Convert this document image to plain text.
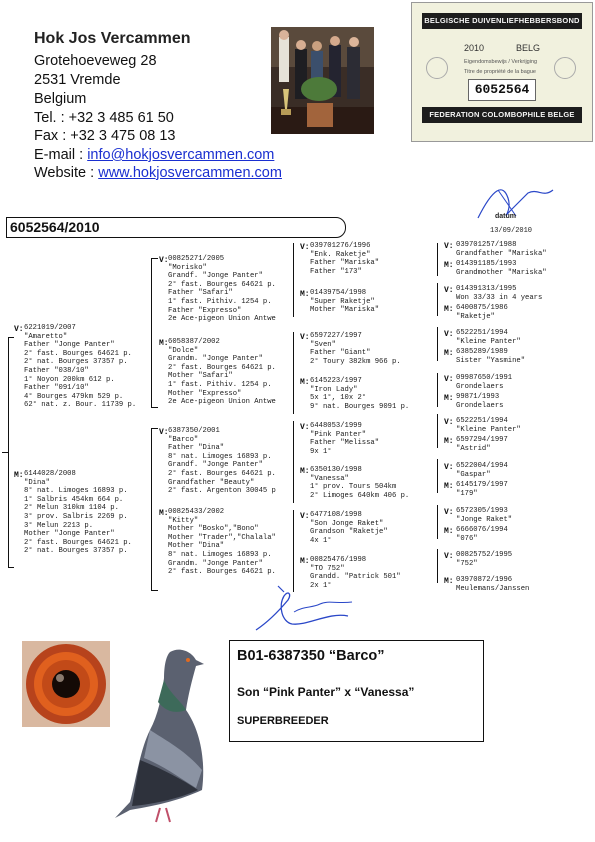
Hok Jos Vercammen
Grotehoeveweg 28
2531 Vremde
Belgium
Tel. : +32 3 485 61 50
Fax : +32 3 475 08 13
E-mail : info@hokjosvercammen.com
Website : www.hokjosvercammen.com
BELGISCHE DUIVENLIEFHEBBERSBOND
2010	BELG
Eigendomsbewijs / Verkrijging
Titre de propriété de la bague
6052564
FEDERATION COLOMBOPHILE BELGE
datum
13/09/2010
6052564/2010
V: 6221019/2007
"Amaretto"
Father "Jonge Panter"
2° fast. Bourges 64621 p.
2° nat. Bourges 37357 p.
Father "038/10"
1° Noyon 200km 612 p.
Father "091/10"
4° Bourges 479km 529 p.
62° nat. z. Bour. 11739 p.
M: 6144028/2008
"Dina"
8° nat. Limoges 16893 p.
1° Salbris 454km 664 p.
2° Melun 310km 1104 p.
3° prov. Salbris 2269 p.
3° Melun 2213 p.
Mother "Jonge Panter"
2° fast. Bourges 64621 p.
2° nat. Bourges 37357 p.
V: 00825271/2005
"Morisko"
Grandf. "Jonge Panter"
2° fast. Bourges 64621 p.
Father "Safari"
1° fast. Pithiv. 1254 p.
Father "Expresso"
2e Ace-pigeon Union Antwe
M: 6058387/2002
"Dolce"
Grandm. "Jonge Panter"
2° fast. Bourges 64621 p.
Mother "Safari"
1° fast. Pithiv. 1254 p.
Mother "Expresso"
2e Ace-pigeon Union Antwe
V: 6387350/2001
"Barco"
Father "Dina"
8° nat. Limoges 16893 p.
Grandf. "Jonge Panter"
2° fast. Bourges 64621 p.
Grandfather "Beauty"
2° fast. Argenton 30045 p
M: 00825433/2002
"Kitty"
Mother "Bosko","Bono"
Mother "Trader","Chalala"
Mother "Dina"
8° nat. Limoges 16893 p.
Grandm. "Jonge Panter"
2° fast. Bourges 64621 p.
V: 039701276/1996
"Enk. Raketje"
Father "Mariska"
Father "173"
M: 01439754/1998
"Super Raketje"
Mother "Mariska"
V: 6597227/1997
"Sven"
Father "Giant"
2° Toury 382km 966 p.
M: 6145223/1997
"Iron Lady"
5x 1°, 10x 2°
9° nat. Bourges 9091 p.
V: 6448053/1999
"Pink Panter"
Father "Melissa"
9x 1°
M: 6350130/1998
"Vanessa"
1° prov. Tours 504km
2° Limoges 640km 406 p.
V: 6477108/1998
"Son Jonge Raket"
Grandson "Raketje"
4x 1°
M: 00825476/1998
"TO 752"
Grandd. "Patrick 501"
2x 1°
V: 039701257/1988
Grandfather "Mariska"
M: 014391185/1993
Grandmother "Mariska"
V: 014391313/1995
Won 33/33 in 4 years
M: 6400875/1986
"Raketje"
V: 6522251/1994
"Kleine Panter"
M: 6385289/1989
Sister "Yasmine"
V: 09987650/1991
Grondelaers
M: 99871/1993
Grondelaers
V: 6522251/1994
"Kleine Panter"
M: 6597294/1997
"Astrid"
V: 6522004/1994
"Gaspar"
M: 6145179/1997
"179"
V: 6572305/1993
"Jonge Raket"
M: 6666076/1994
"076"
V: 00825752/1995
"752"
M: 03970872/1996
Meulemans/Janssen
B01-6387350 “Barco”
Son “Pink Panter” x “Vanessa”
SUPERBREEDER
